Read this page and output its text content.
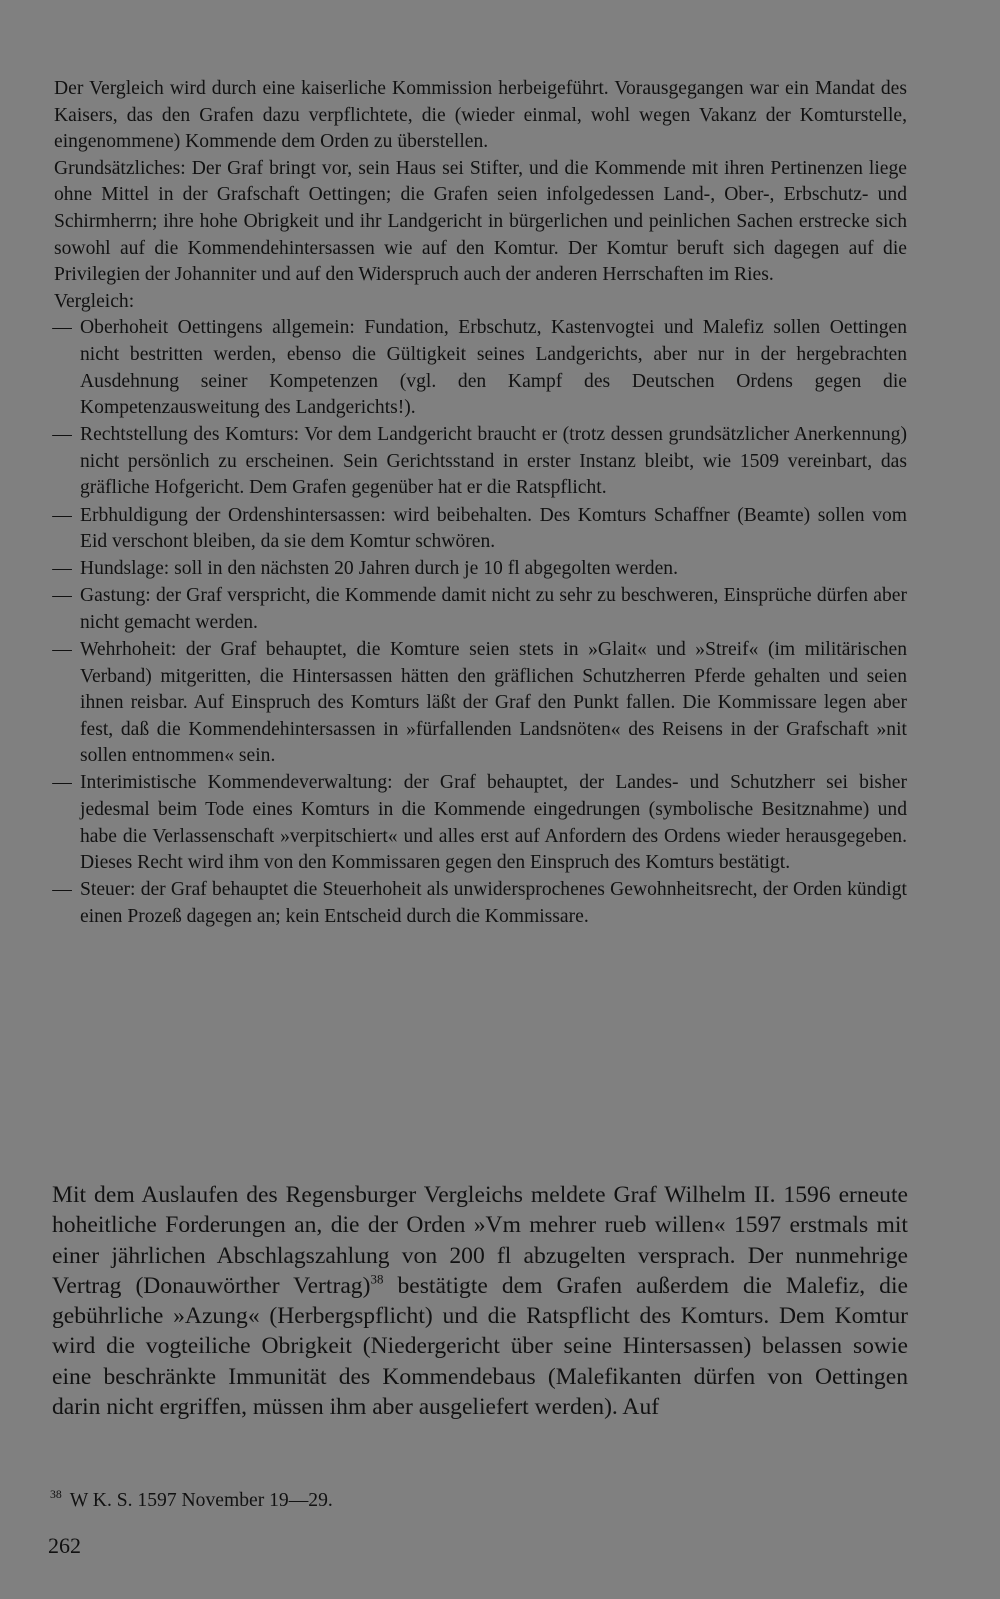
Der Vergleich wird durch eine kaiserliche Kommission herbeigeführt. Vorausgegangen war ein Mandat des Kaisers, das den Grafen dazu verpflichtete, die (wieder einmal, wohl wegen Vakanz der Komturstelle, eingenommene) Kommende dem Orden zu überstellen.

Grundsätzliches: Der Graf bringt vor, sein Haus sei Stifter, und die Kommende mit ihren Pertinenzen liege ohne Mittel in der Grafschaft Oettingen; die Grafen seien infolgedessen Land-, Ober-, Erbschutz- und Schirmherrn; ihre hohe Obrigkeit und ihr Landgericht in bürgerlichen und peinlichen Sachen erstrecke sich sowohl auf die Kommendehintersassen wie auf den Komtur. Der Komtur beruft sich dagegen auf die Privilegien der Johanniter und auf den Widerspruch auch der anderen Herrschaften im Ries.

Vergleich:

— Oberhoheit Oettingens allgemein: Fundation, Erbschutz, Kastenvogtei und Malefiz sollen Oettingen nicht bestritten werden, ebenso die Gültigkeit seines Landgerichts, aber nur in der hergebrachten Ausdehnung seiner Kompetenzen (vgl. den Kampf des Deutschen Ordens gegen die Kompetenzausweitung des Landgerichts!).
— Rechtstellung des Komturs: Vor dem Landgericht braucht er (trotz dessen grundsätzlicher Anerkennung) nicht persönlich zu erscheinen. Sein Gerichtsstand in erster Instanz bleibt, wie 1509 vereinbart, das gräfliche Hofgericht. Dem Grafen gegenüber hat er die Ratspflicht.
— Erbhuldigung der Ordenshintersassen: wird beibehalten. Des Komturs Schaffner (Beamte) sollen vom Eid verschont bleiben, da sie dem Komtur schwören.
— Hundslage: soll in den nächsten 20 Jahren durch je 10 fl abgegolten werden.
— Gastung: der Graf verspricht, die Kommende damit nicht zu sehr zu beschweren, Einsprüche dürfen aber nicht gemacht werden.
— Wehrhoheit: der Graf behauptet, die Komture seien stets in »Glait« und »Streif« (im militärischen Verband) mitgeritten, die Hintersassen hätten den gräflichen Schutzherren Pferde gehalten und seien ihnen reisbar. Auf Einspruch des Komturs läßt der Graf den Punkt fallen. Die Kommissare legen aber fest, daß die Kommendehintersassen in »fürfallenden Landsnöten« des Reisens in der Grafschaft »nit sollen entnommen« sein.
— Interimistische Kommendeverwaltung: der Graf behauptet, der Landes- und Schutzherr sei bisher jedesmal beim Tode eines Komturs in die Kommende eingedrungen (symbolische Besitznahme) und habe die Verlassenschaft »verpitschiert« und alles erst auf Anfordern des Ordens wieder herausgegeben. Dieses Recht wird ihm von den Kommissaren gegen den Einspruch des Komturs bestätigt.
— Steuer: der Graf behauptet die Steuerhoheit als unwidersprochenes Gewohnheitsrecht, der Orden kündigt einen Prozeß dagegen an; kein Entscheid durch die Kommissare.

Mit dem Auslaufen des Regensburger Vergleichs meldete Graf Wilhelm II. 1596 erneute hoheitliche Forderungen an, die der Orden »Vm mehrer rueb willen« 1597 erstmals mit einer jährlichen Abschlagszahlung von 200 fl abzugelten versprach. Der nunmehrige Vertrag (Donauwörther Vertrag)$^{38}$ bestätigte dem Grafen außerdem die Malefiz, die gebührliche »Azung« (Herbergspflicht) und die Ratspflicht des Komturs. Dem Komtur wird die vogteiliche Obrigkeit (Niedergericht über seine Hintersassen) belassen sowie eine beschränkte Immunität des Kommendebaus (Malefikanten dürfen von Oettingen darin nicht ergriffen, müssen ihm aber ausgeliefert werden). Auf

$^{38}$ W K. S. 1597 November 19—29.
262
